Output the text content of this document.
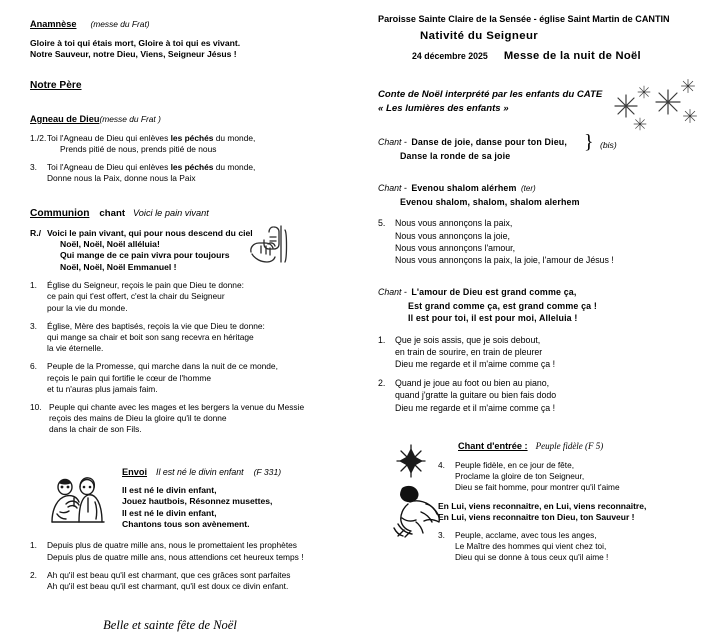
Anamnèse (messe du Frat)
Gloire à toi qui étais mort, Gloire à toi qui es vivant.
Notre Sauveur, notre Dieu, Viens, Seigneur Jésus !
Notre Père
Agneau de Dieu(messe du Frat )
1./2. Toi l'Agneau de Dieu qui enlèves les péchés du monde,
Prends pitié de nous, prends pitié de nous
3.	Toi l'Agneau de Dieu qui enlèves les péchés du monde,
Donne nous la Paix, donne nous la Paix
Communion chant Voici le pain vivant
R./ Voici le pain vivant, qui pour nous descend du ciel
Noël, Noël, Noël alléluia!
Qui mange de ce pain vivra pour toujours
Noël, Noël, Noël Emmanuel !
1.	Église du Seigneur, reçois le pain que Dieu te donne:
ce pain qui t'est offert, c'est la chair du Seigneur
pour la vie du monde.
3.	Église, Mère des baptisés, reçois la vie que Dieu te donne:
qui mange sa chair et boit son sang recevra en héritage
la vie éternelle.
6.	Peuple de la Promesse, qui marche dans la nuit de ce monde,
reçois le pain qui fortifie le cœur de l'homme
et tu n'auras plus jamais faim.
10. Peuple qui chante avec les mages et les bergers la venue du Messie
reçois des mains de Dieu la gloire qu'il te donne
dans la chair de son Fils.
Envoi Il est né le divin enfant (F 331)
Il est né le divin enfant,
Jouez hautbois, Résonnez musettes,
Il est né le divin enfant,
Chantons tous son avènement.
1.	Depuis plus de quatre mille ans, nous le promettaient les prophètes
Depuis plus de quatre mille ans, nous attendions cet heureux temps !
2.	Ah qu'il est beau qu'il est charmant, que ces grâces sont parfaites
Ah qu'il est beau qu'il est charmant, qu'il est doux ce divin enfant.
Belle et sainte fête de Noël
Paroisse Sainte Claire de la Sensée - église Saint Martin de CANTIN
Nativité du Seigneur
24 décembre 2025 Messe de la nuit de Noël
Conte de Noël interprété par les enfants du CATE
« Les lumières des enfants »
} (bis)
Chant - Danse de joie, danse pour ton Dieu,
Danse la ronde de sa joie
Chant - Evenou shalom alérhem (ter)
Evenou shalom, shalom, shalom alerhem
5.	Nous vous annonçons la paix,
Nous vous annonçons la joie,
Nous vous annonçons l'amour,
Nous vous annonçons la paix, la joie, l'amour de Jésus !
Chant - L'amour de Dieu est grand comme ça,
Est grand comme ça, est grand comme ça !
Il est pour toi, il est pour moi, Alleluia !
1.	Que je sois assis, que je sois debout,
en train de sourire, en train de pleurer
Dieu me regarde et il m'aime comme ça !
2.	Quand je joue au foot ou bien au piano,
quand j'gratte la guitare ou bien fais dodo
Dieu me regarde et il m'aime comme ça !
Chant d'entrée : Peuple fidèle (F 5)
4.	Peuple fidèle, en ce jour de fête,
Proclame la gloire de ton Seigneur,
Dieu se fait homme, pour montrer qu'il t'aime
En Lui, viens reconnaitre, en Lui, viens reconnaitre,
En Lui, viens reconnaitre ton Dieu, ton Sauveur !
3.	Peuple, acclame, avec tous les anges,
Le Maître des hommes qui vient chez toi,
Dieu qui se donne à tous ceux qu'il aime !
